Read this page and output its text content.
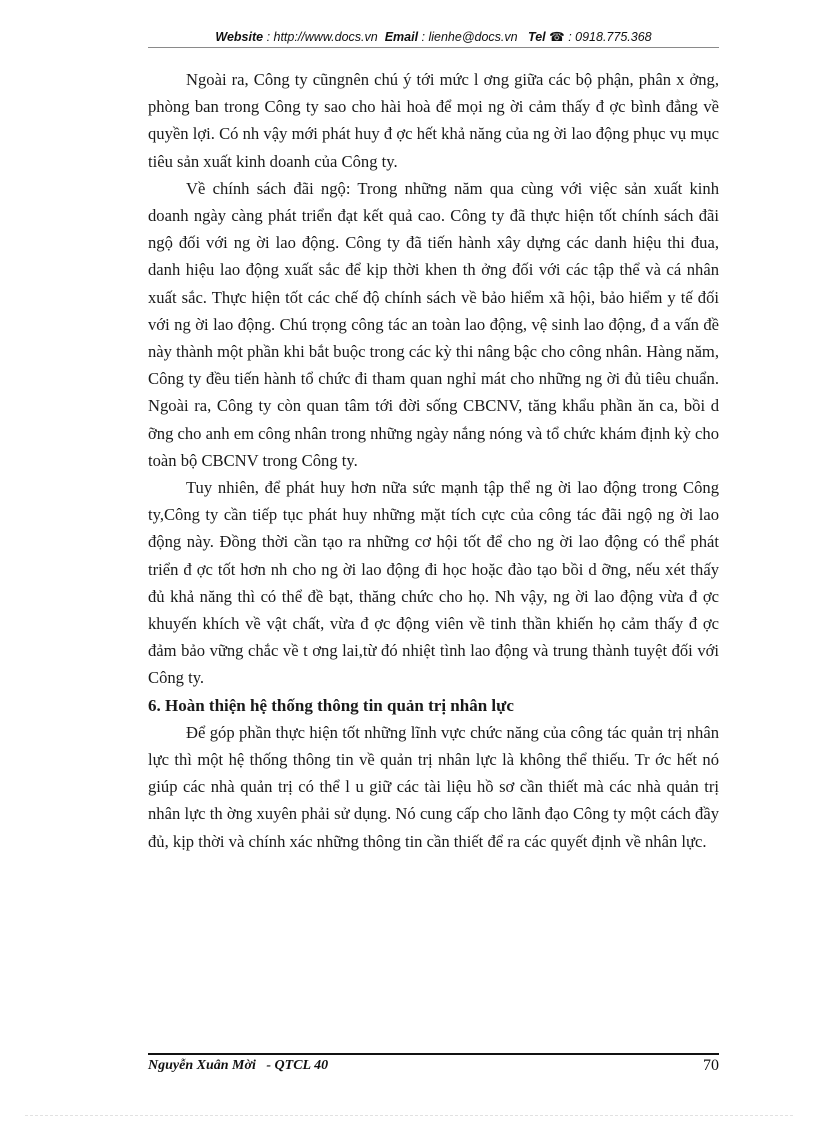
Website : http://www.docs.vn Email : lienhe@docs.vn Tel ☎ : 0918.775.368

Ngoài ra, Công ty cũngnên chú ý tới mức l ơng giữa các bộ phận, phân x ởng, phòng ban trong Công ty sao cho hài hoà để mọi ng ời cảm thấy đ ợc bình đẳng về quyền lợi. Có nh vậy mới phát huy đ ợc hết khả năng của ng ời lao động phục vụ mục tiêu sản xuất kinh doanh của Công ty.

Về chính sách đãi ngộ: Trong những năm qua cùng với việc sản xuất kinh doanh ngày càng phát triển đạt kết quả cao. Công ty đã thực hiện tốt chính sách đãi ngộ đối với ng ời lao động. Công ty đã tiến hành xây dựng các danh hiệu thi đua, danh hiệu lao động xuất sắc để kịp thời khen th ởng đối với các tập thể và cá nhân xuất sắc. Thực hiện tốt các chế độ chính sách về bảo hiểm xã hội, bảo hiểm y tế đối với ng ời lao động. Chú trọng công tác an toàn lao động, vệ sinh lao động, đ a vấn đề này thành một phần khi bắt buộc trong các kỳ thi nâng bậc cho công nhân. Hàng năm, Công ty đều tiến hành tổ chức đi tham quan nghỉ mát cho những ng ời đủ tiêu chuẩn. Ngoài ra, Công ty còn quan tâm tới đời sống CBCNV, tăng khẩu phần ăn ca, bồi d ỡng cho anh em công nhân trong những ngày nắng nóng và tổ chức khám định kỳ cho toàn bộ CBCNV trong Công ty.

Tuy nhiên, để phát huy hơn nữa sức mạnh tập thể ng ời lao động trong Công ty,Công ty cần tiếp tục phát huy những mặt tích cực của công tác đãi ngộ ng ời lao động này. Đồng thời cần tạo ra những cơ hội tốt để cho ng ời lao động có thể phát triển đ ợc tốt hơn nh cho ng ời lao động đi học hoặc đào tạo bồi d ỡng, nếu xét thấy đủ khả năng thì có thể đề bạt, thăng chức cho họ. Nh vậy, ng ời lao động vừa đ ợc khuyến khích về vật chất, vừa đ ợc động viên về tinh thần khiến họ cảm thấy đ ợc đảm bảo vững chắc về t ơng lai,từ đó nhiệt tình lao động và trung thành tuyệt đối với Công ty.

6. Hoàn thiện hệ thống thông tin quản trị nhân lực

Để góp phần thực hiện tốt những lĩnh vực chức năng của công tác quản trị nhân lực thì một hệ thống thông tin về quản trị nhân lực là không thể thiếu. Tr ớc hết nó giúp các nhà quản trị có thể l u giữ các tài liệu hồ sơ cần thiết mà các nhà quản trị nhân lực th ờng xuyên phải sử dụng. Nó cung cấp cho lãnh đạo Công ty một cách đầy đủ, kịp thời và chính xác những thông tin cần thiết để ra các quyết định về nhân lực.

Nguyễn Xuân Mời   - QTCL 40	70
